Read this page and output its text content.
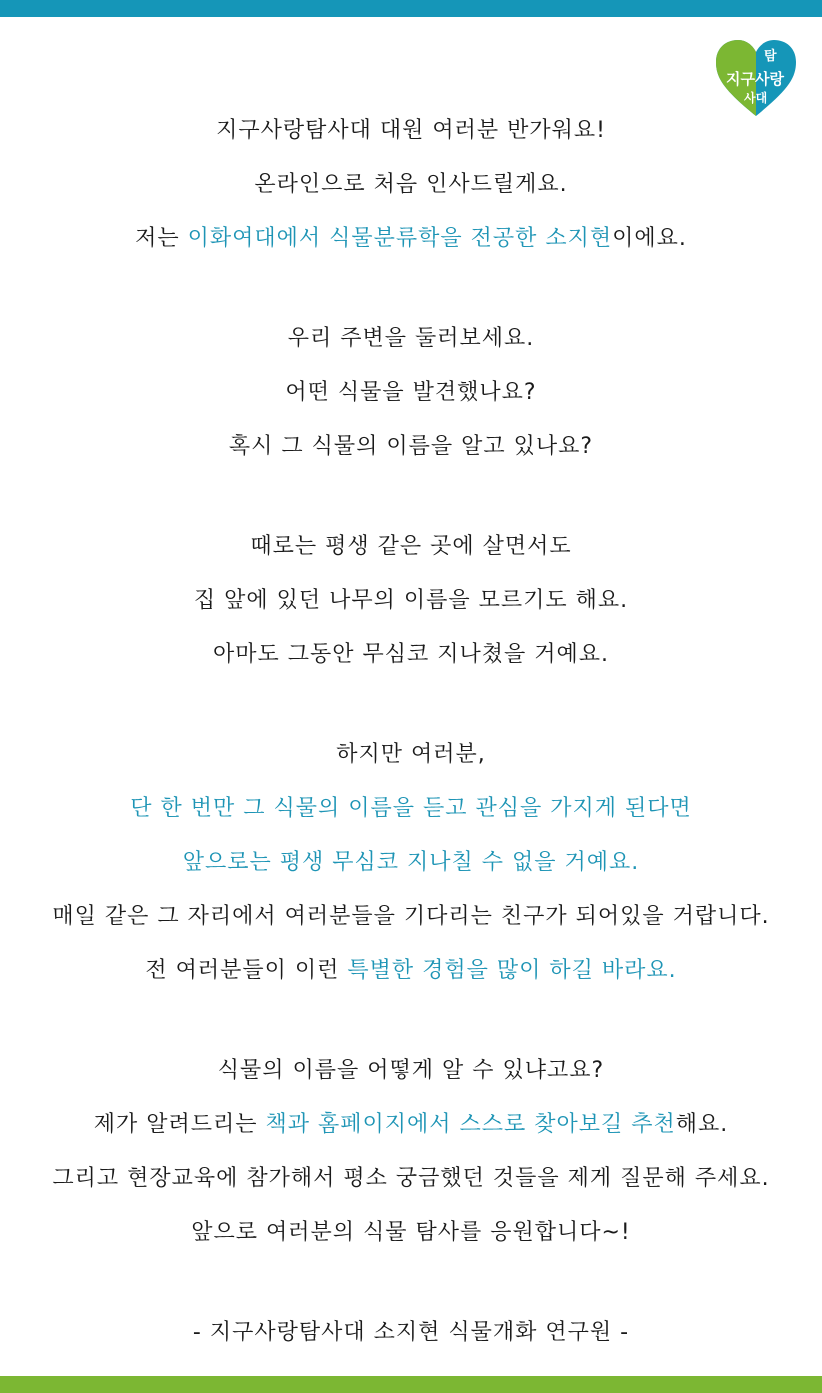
탐
지구사랑
사대
지구사랑탐사대 대원 여러분 반가워요!
온라인으로 처음 인사드릴게요.
저는 이화여대에서 식물분류학을 전공한 소지현이에요.
우리 주변을 둘러보세요.
어떤 식물을 발견했나요?
혹시 그 식물의 이름을 알고 있나요?
때로는 평생 같은 곳에 살면서도
집 앞에 있던 나무의 이름을 모르기도 해요.
아마도 그동안 무심코 지나쳤을 거예요.
하지만 여러분,
단 한 번만 그 식물의 이름을 듣고 관심을 가지게 된다면
앞으로는 평생 무심코 지나칠 수 없을 거예요.
매일 같은 그 자리에서 여러분들을 기다리는 친구가 되어있을 거랍니다.
전 여러분들이 이런 특별한 경험을 많이 하길 바라요.
식물의 이름을 어떻게 알 수 있냐고요?
제가 알려드리는 책과 홈페이지에서 스스로 찾아보길 추천해요.
그리고 현장교육에 참가해서 평소 궁금했던 것들을 제게 질문해 주세요.
앞으로 여러분의 식물 탐사를 응원합니다~!
- 지구사랑탐사대 소지현 식물개화 연구원 -
